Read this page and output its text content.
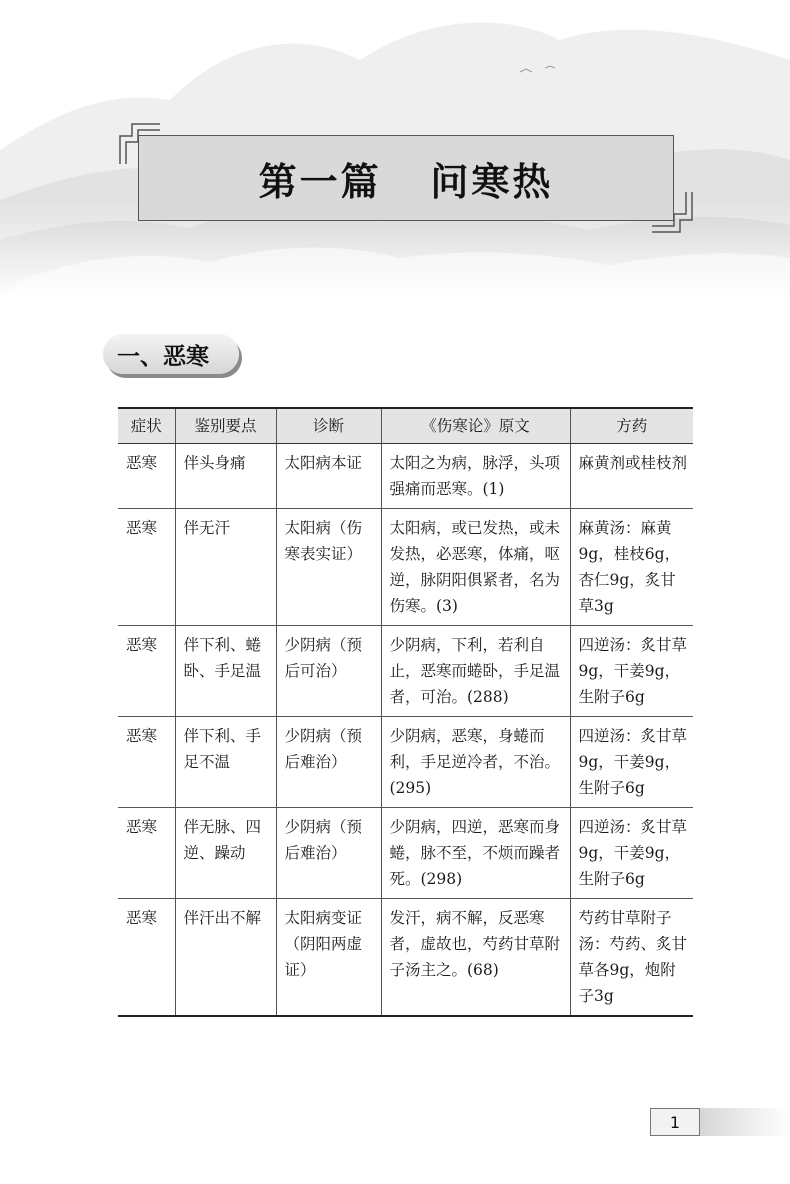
第一篇   问寒热
一、恶寒
症状	鉴别要点	诊断	《伤寒论》原文	方药
恶寒	伴头身痛	太阳病本证	太阳之为病，脉浮，头项强痛而恶寒。(1)	麻黄剂或桂枝剂
恶寒	伴无汗	太阳病（伤寒表实证）	太阳病，或已发热，或未发热，必恶寒，体痛，呕逆，脉阴阳俱紧者，名为伤寒。(3)	麻黄汤：麻黄9g，桂枝6g，杏仁9g，炙甘草3g
恶寒	伴下利、蜷卧、手足温	少阴病（预后可治）	少阴病，下利，若利自止，恶寒而蜷卧，手足温者，可治。(288)	四逆汤：炙甘草9g，干姜9g，生附子6g
恶寒	伴下利、手足不温	少阴病（预后难治）	少阴病，恶寒，身蜷而利，手足逆冷者，不治。(295)	四逆汤：炙甘草9g，干姜9g，生附子6g
恶寒	伴无脉、四逆、躁动	少阴病（预后难治）	少阴病，四逆，恶寒而身蜷，脉不至，不烦而躁者死。(298)	四逆汤：炙甘草9g，干姜9g，生附子6g
恶寒	伴汗出不解	太阳病变证（阴阳两虚证）	发汗，病不解，反恶寒者，虚故也，芍药甘草附子汤主之。(68)	芍药甘草附子汤：芍药、炙甘草各9g，炮附子3g
1
